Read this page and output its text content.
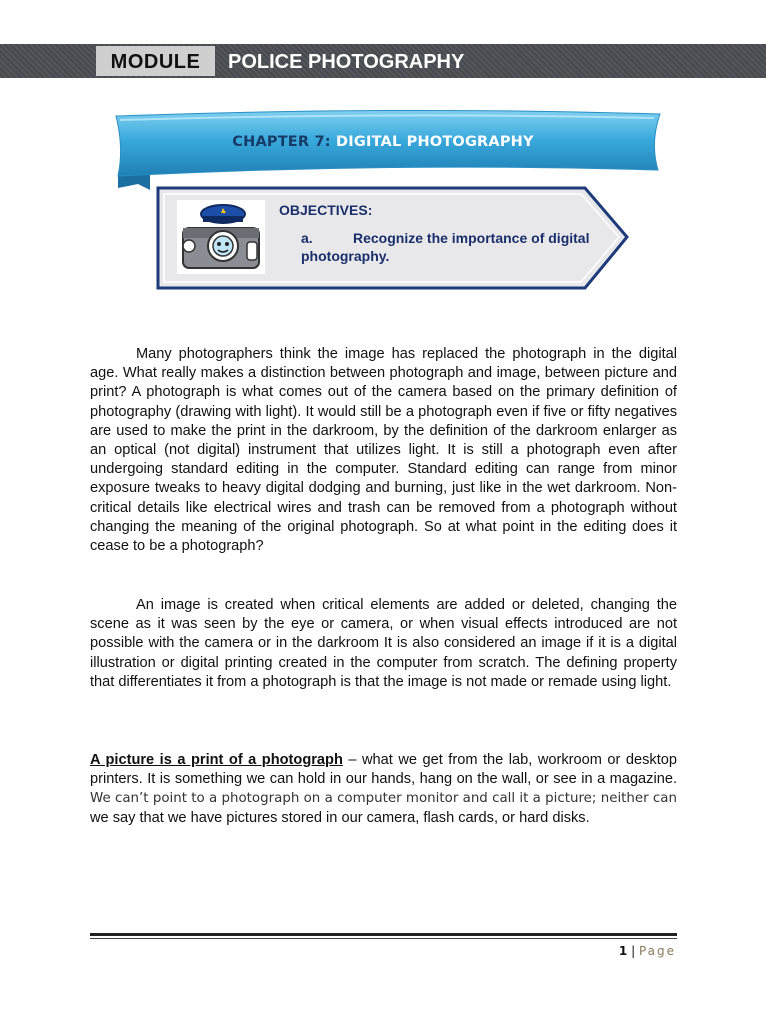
MODULE	POLICE PHOTOGRAPHY
CHAPTER 7: DIGITAL PHOTOGRAPHY
OBJECTIVES:
a.	Recognize the importance of digital photography.

Many photographers think the image has replaced the photograph in the digital age. What really makes a distinction between photograph and image, between picture and print? A photograph is what comes out of the camera based on the primary definition of photography (drawing with light). It would still be a photograph even if five or fifty negatives are used to make the print in the darkroom, by the definition of the darkroom enlarger as an optical (not digital) instrument that utilizes light. It is still a photograph even after undergoing standard editing in the computer. Standard editing can range from minor exposure tweaks to heavy digital dodging and burning, just like in the wet darkroom. Non-critical details like electrical wires and trash can be removed from a photograph without changing the meaning of the original photograph. So at what point in the editing does it cease to be a photograph?

An image is created when critical elements are added or deleted, changing the scene as it was seen by the eye or camera, or when visual effects introduced are not possible with the camera or in the darkroom It is also considered an image if it is a digital illustration or digital printing created in the computer from scratch. The defining property that differentiates it from a photograph is that the image is not made or remade using light.

A picture is a print of a photograph – what we get from the lab, workroom or desktop printers. It is something we can hold in our hands, hang on the wall, or see in a magazine. We can’t point to a photograph on a computer monitor and call it a picture; neither can we say that we have pictures stored in our camera, flash cards, or hard disks.

1 | Page
